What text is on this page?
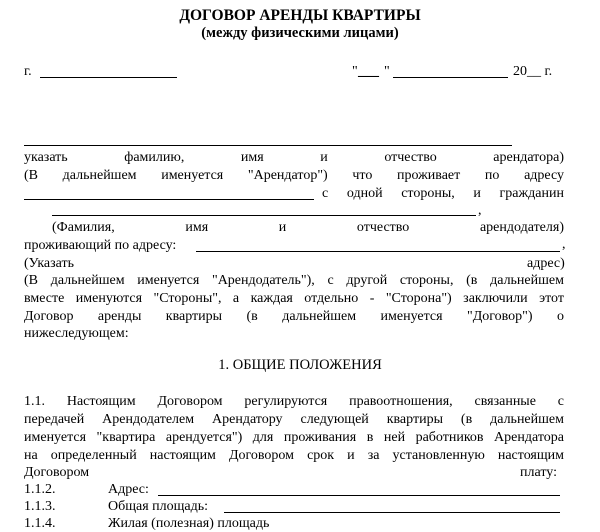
ДОГОВОР АРЕНДЫ КВАРТИРЫ
(между физическими лицами)
г.	" ___ "	20__ г.
указать фамилию, имя и отчество арендатора)
(В дальнейшем именуется "Арендатор") что проживает по адресу
с одной стороны, и гражданин
,
(Фамилия, имя и отчество арендодателя)
проживающий по адресу:	,
(Указать	адрес)
(В дальнейшем именуется "Арендодатель"), с другой стороны, (в дальнейшем
вместе именуются "Стороны", а каждая отдельно - "Сторона") заключили этот
Договор аренды квартиры (в дальнейшем именуется "Договор") о
нижеследующем:
1. ОБЩИЕ ПОЛОЖЕНИЯ
1.1. Настоящим Договором регулируются правоотношения, связанные с
передачей Арендодателем Арендатору следующей квартиры (в дальнейшем
именуется "квартира арендуется") для проживания в ней работников Арендатора
на определенный настоящим Договором срок и за установленную настоящим
Договором	плату:
1.1.2.	Адрес:
1.1.3.	Общая площадь:
1.1.4.	Жилая (полезная) площадь
